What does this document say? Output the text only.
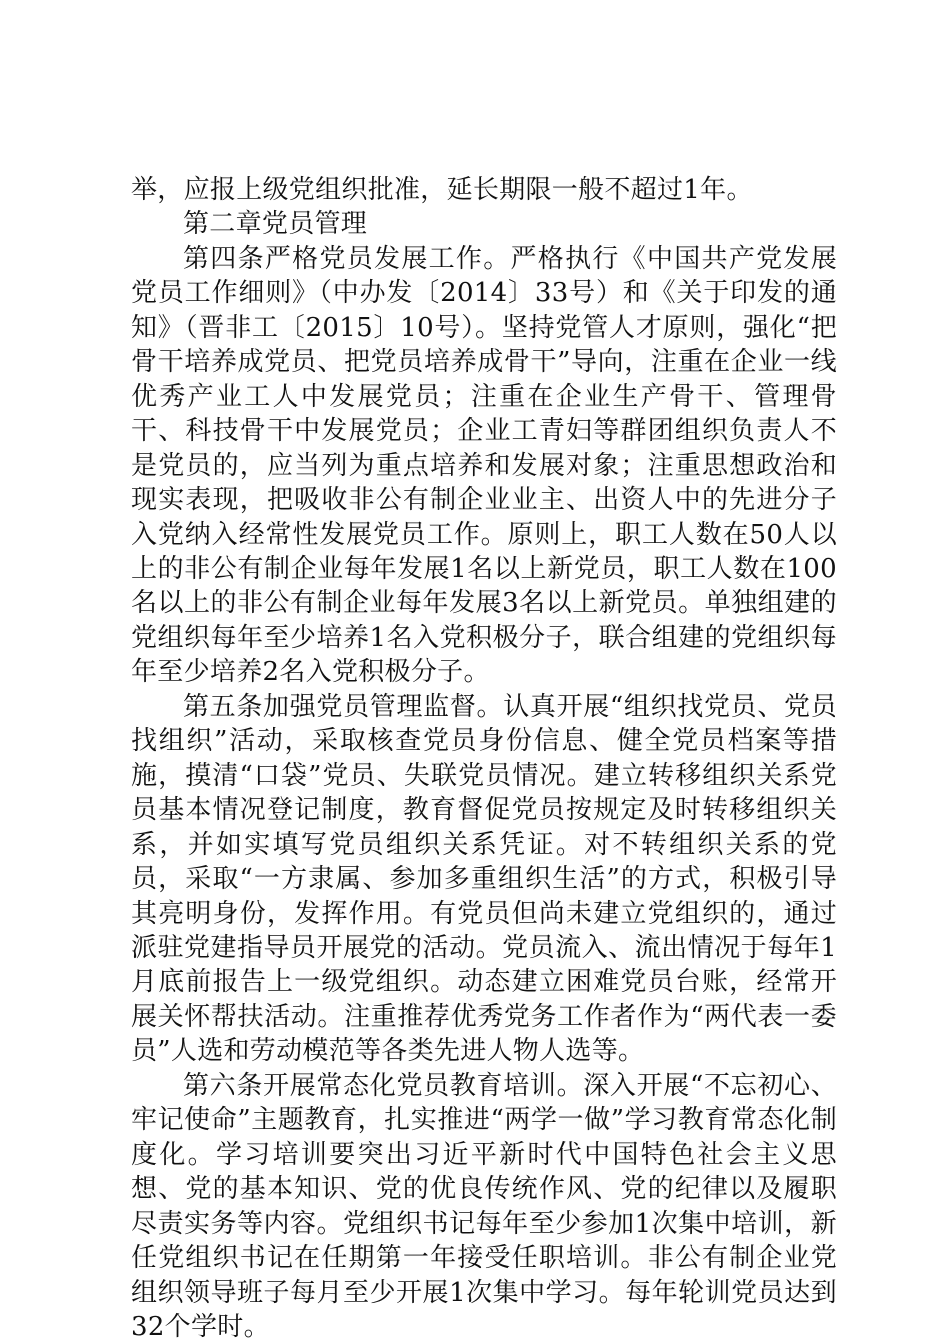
举，应报上级党组织批准，延长期限一般不超过1年。

第二章党员管理

第四条严格党员发展工作。严格执行《中国共产党发展党员工作细则》（中办发〔2014〕33号）和《关于印发的通知》（晋非工〔2015〕10号）。坚持党管人才原则，强化“把骨干培养成党员、把党员培养成骨干”导向，注重在企业一线优秀产业工人中发展党员；注重在企业生产骨干、管理骨干、科技骨干中发展党员；企业工青妇等群团组织负责人不是党员的，应当列为重点培养和发展对象；注重思想政治和现实表现，把吸收非公有制企业业主、出资人中的先进分子入党纳入经常性发展党员工作。原则上，职工人数在50人以上的非公有制企业每年发展1名以上新党员，职工人数在100名以上的非公有制企业每年发展3名以上新党员。单独组建的党组织每年至少培养1名入党积极分子，联合组建的党组织每年至少培养2名入党积极分子。

第五条加强党员管理监督。认真开展“组织找党员、党员找组织”活动，采取核查党员身份信息、健全党员档案等措施，摸清“口袋”党员、失联党员情况。建立转移组织关系党员基本情况登记制度，教育督促党员按规定及时转移组织关系，并如实填写党员组织关系凭证。对不转组织关系的党员，采取“一方隶属、参加多重组织生活”的方式，积极引导其亮明身份，发挥作用。有党员但尚未建立党组织的，通过派驻党建指导员开展党的活动。党员流入、流出情况于每年1月底前报告上一级党组织。动态建立困难党员台账，经常开展关怀帮扶活动。注重推荐优秀党务工作者作为“两代表一委员”人选和劳动模范等各类先进人物人选等。

第六条开展常态化党员教育培训。深入开展“不忘初心、牢记使命”主题教育，扎实推进“两学一做”学习教育常态化制度化。学习培训要突出习近平新时代中国特色社会主义思想、党的基本知识、党的优良传统作风、党的纪律以及履职尽责实务等内容。党组织书记每年至少参加1次集中培训，新任党组织书记在任期第一年接受任职培训。非公有制企业党组织领导班子每月至少开展1次集中学习。每年轮训党员达到32个学时。
